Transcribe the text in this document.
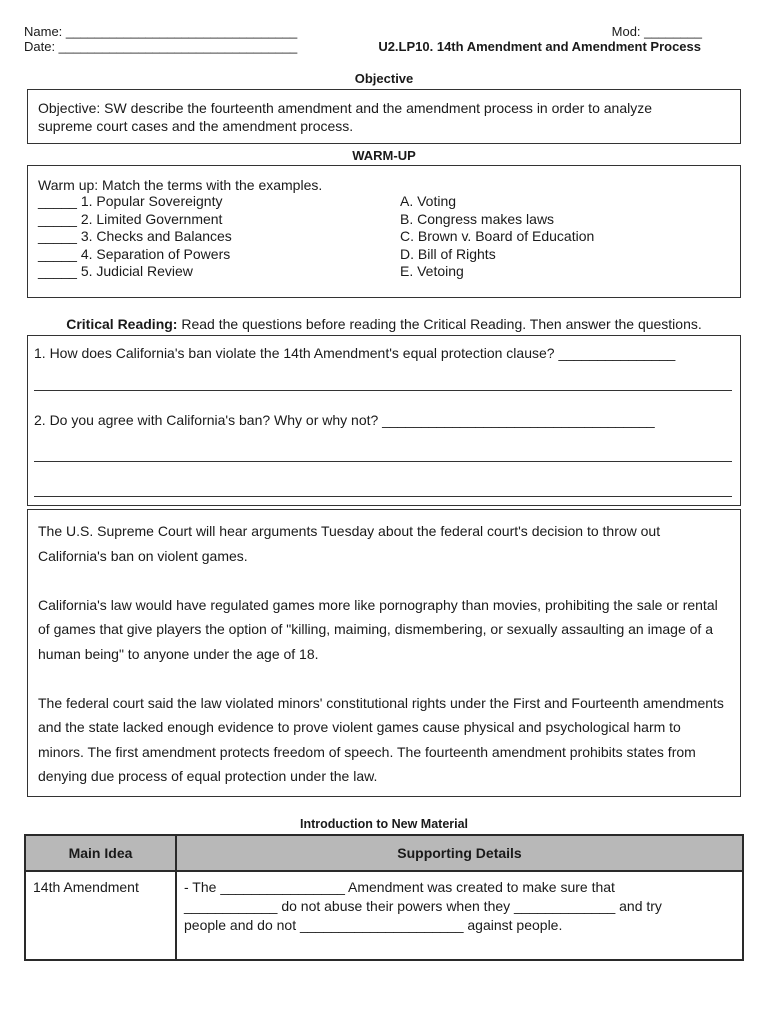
Name: ________________________________
Date: _________________________________
Mod: ________
U2.LP10. 14th Amendment and Amendment Process
Objective
Objective: SW describe the fourteenth amendment and the amendment process in order to analyze
supreme court cases and the amendment process.
WARM-UP
Warm up: Match the terms with the examples.
_____ 1. Popular Sovereignty
_____ 2. Limited Government
_____ 3. Checks and Balances
_____ 4. Separation of Powers
_____ 5. Judicial Review
A. Voting
B. Congress makes laws
C. Brown v. Board of Education
D. Bill of Rights
E. Vetoing
Critical Reading: Read the questions before reading the Critical Reading. Then answer the questions.
1. How does California's ban violate the 14th Amendment's equal protection clause? _______________
2. Do you agree with California's ban? Why or why not? ___________________________________

The U.S. Supreme Court will hear arguments Tuesday about the federal court's decision to throw out California's ban on violent games.

California's law would have regulated games more like pornography than movies, prohibiting the sale or rental of games that give players the option of "killing, maiming, dismembering, or sexually assaulting an image of a human being" to anyone under the age of 18.

The federal court said the law violated minors' constitutional rights under the First and Fourteenth amendments and the state lacked enough evidence to prove violent games cause physical and psychological harm to minors. The first amendment protects freedom of speech. The fourteenth amendment prohibits states from denying due process of equal protection under the law.

Introduction to New Material
Main Idea	Supporting Details
14th Amendment	- The ________________ Amendment was created to make sure that
____________ do not abuse their powers when they _____________ and try
people and do not _____________________ against people.
